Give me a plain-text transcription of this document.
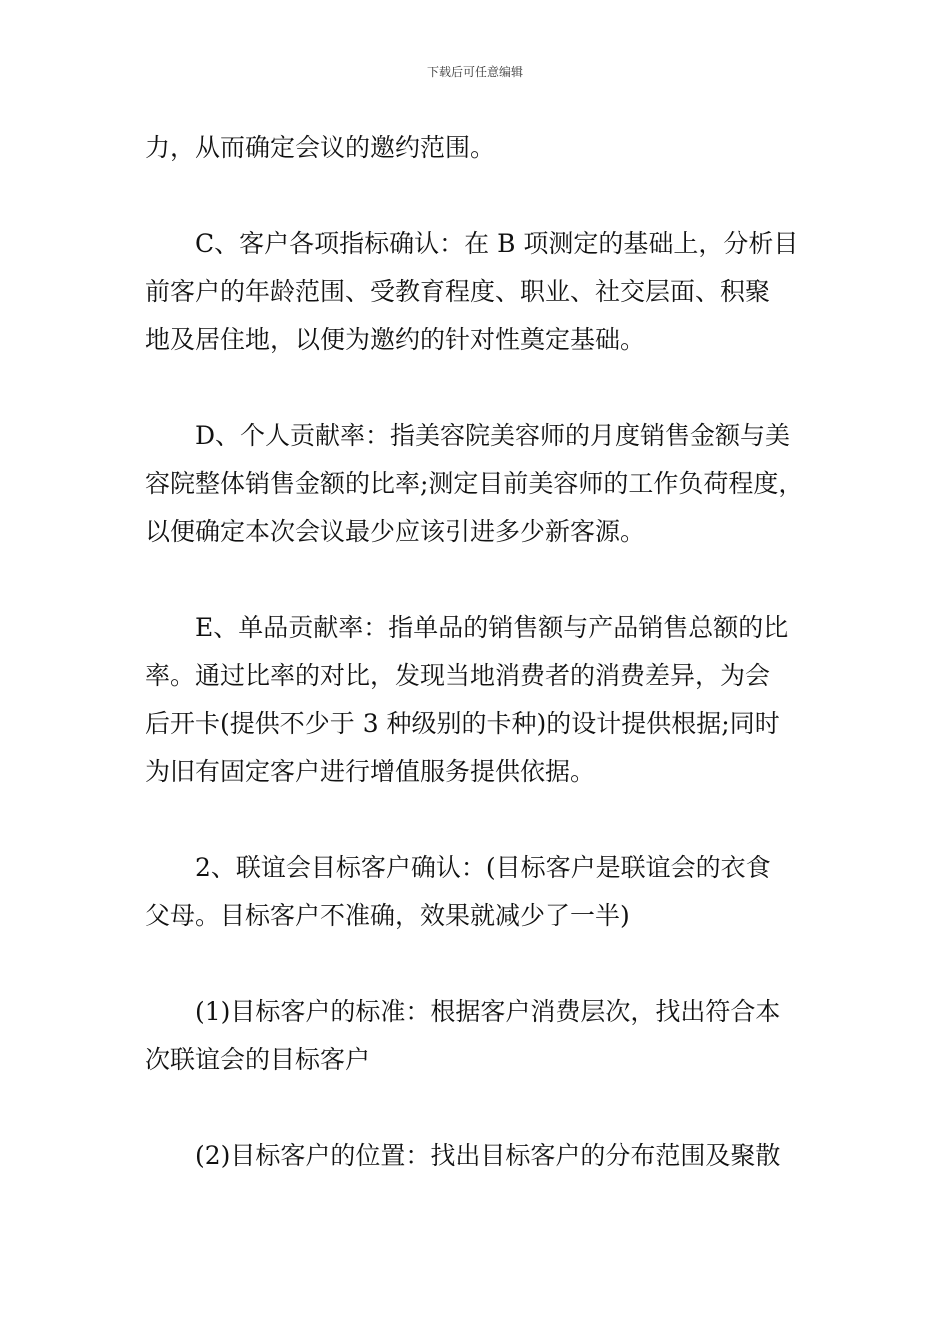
下载后可任意编辑

力，从而确定会议的邀约范围。

C、客户各项指标确认：在 B 项测定的基础上，分析目
前客户的年龄范围、受教育程度、职业、社交层面、积聚
地及居住地，以便为邀约的针对性奠定基础。

D、个人贡献率：指美容院美容师的月度销售金额与美
容院整体销售金额的比率;测定目前美容师的工作负荷程度，
以便确定本次会议最少应该引进多少新客源。

E、单品贡献率：指单品的销售额与产品销售总额的比
率。通过比率的对比，发现当地消费者的消费差异，为会
后开卡(提供不少于 3 种级别的卡种)的设计提供根据;同时
为旧有固定客户进行增值服务提供依据。

2、联谊会目标客户确认：(目标客户是联谊会的衣食
父母。目标客户不准确，效果就减少了一半)

(1)目标客户的标准：根据客户消费层次，找出符合本
次联谊会的目标客户

(2)目标客户的位置：找出目标客户的分布范围及聚散
